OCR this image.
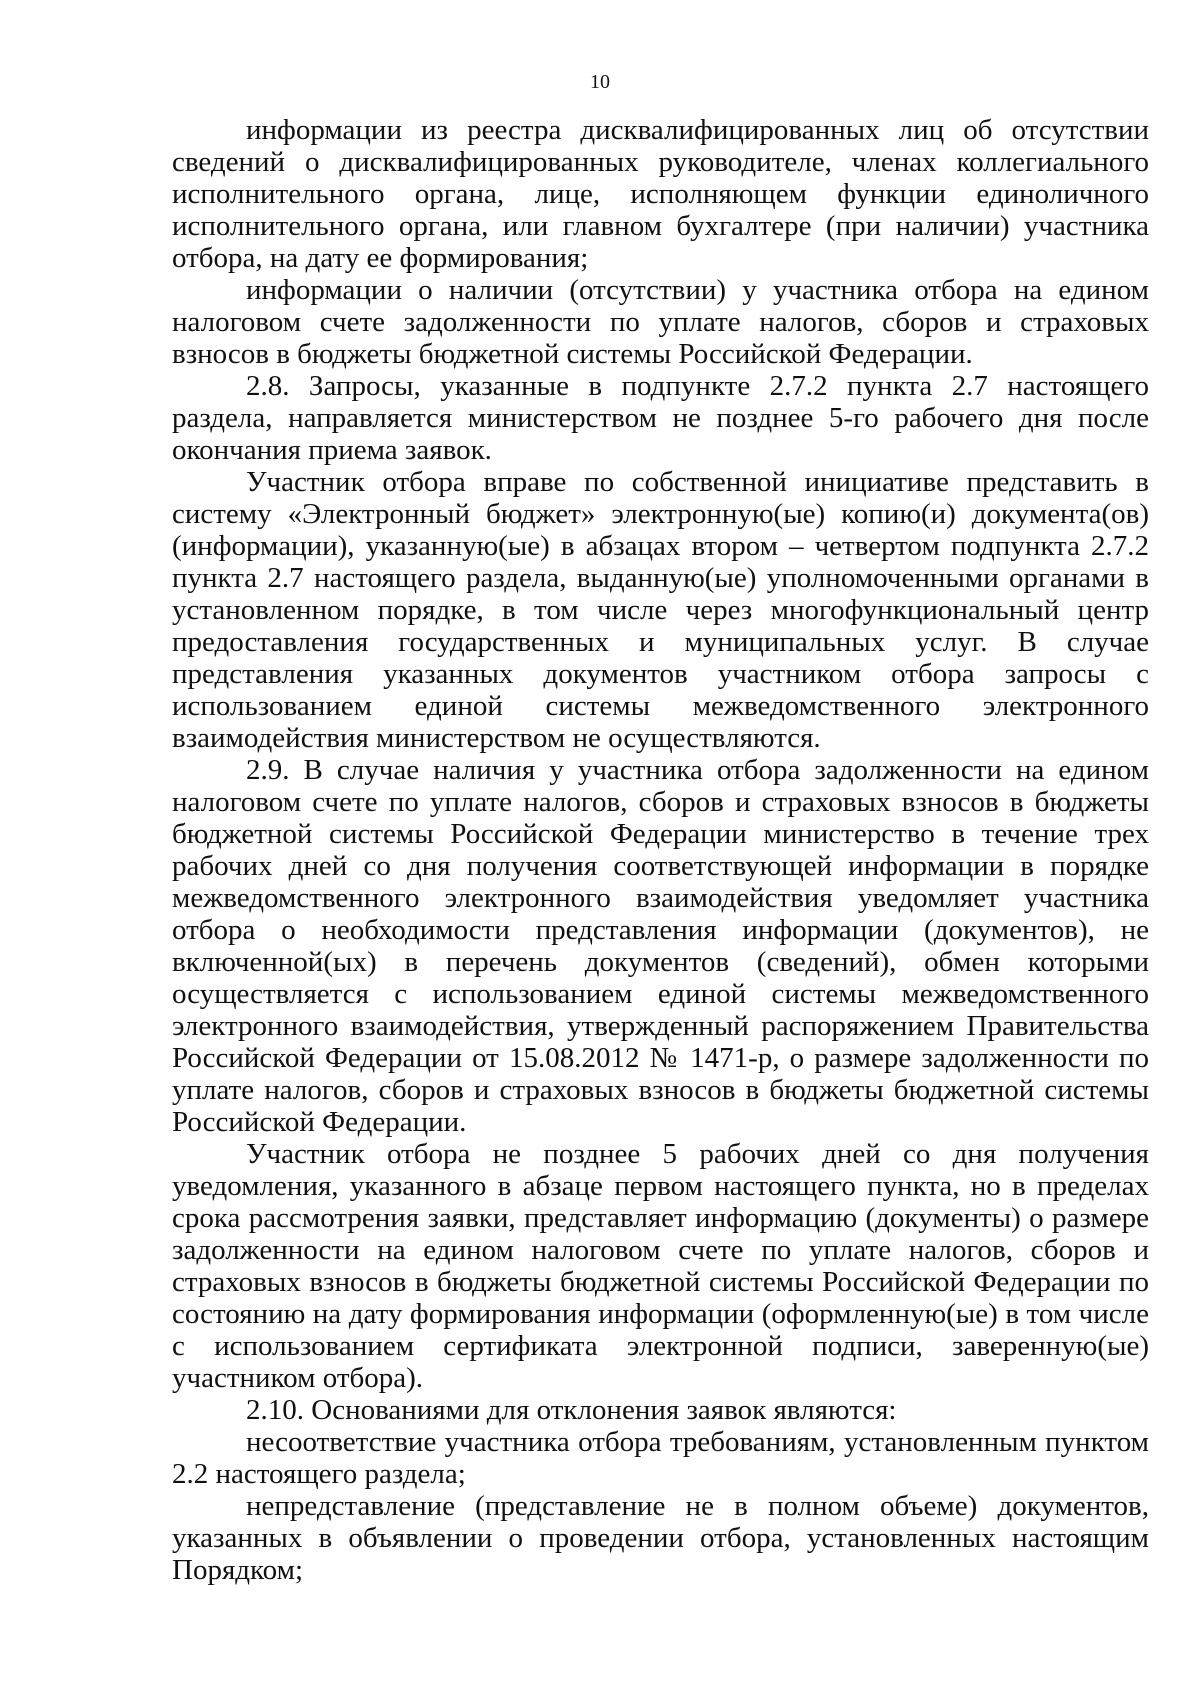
10

информации из реестра дисквалифицированных лиц об отсутствии сведений о дисквалифицированных руководителе, членах коллегиального исполнительного органа, лице, исполняющем функции единоличного исполнительного органа, или главном бухгалтере (при наличии) участника отбора, на дату ее формирования;

информации о наличии (отсутствии) у участника отбора на едином налоговом счете задолженности по уплате налогов, сборов и страховых взносов в бюджеты бюджетной системы Российской Федерации.

2.8. Запросы, указанные в подпункте 2.7.2 пункта 2.7 настоящего раздела, направляется министерством не позднее 5-го рабочего дня после окончания приема заявок.

Участник отбора вправе по собственной инициативе представить в систему «Электронный бюджет» электронную(ые) копию(и) документа(ов) (информации), указанную(ые) в абзацах втором – четвертом подпункта 2.7.2 пункта 2.7 настоящего раздела, выданную(ые) уполномоченными органами в установленном порядке, в том числе через многофункциональный центр предоставления государственных и муниципальных услуг. В случае представления указанных документов участником отбора запросы с использованием единой системы межведомственного электронного взаимодействия министерством не осуществляются.

2.9. В случае наличия у участника отбора задолженности на едином налоговом счете по уплате налогов, сборов и страховых взносов в бюджеты бюджетной системы Российской Федерации министерство в течение трех рабочих дней со дня получения соответствующей информации в порядке межведомственного электронного взаимодействия уведомляет участника отбора о необходимости представления информации (документов), не включенной(ых) в перечень документов (сведений), обмен которыми осуществляется с использованием единой системы межведомственного электронного взаимодействия, утвержденный распоряжением Правительства Российской Федерации от 15.08.2012 № 1471-р, о размере задолженности по уплате налогов, сборов и страховых взносов в бюджеты бюджетной системы Российской Федерации.

Участник отбора не позднее 5 рабочих дней со дня получения уведомления, указанного в абзаце первом настоящего пункта, но в пределах срока рассмотрения заявки, представляет информацию (документы) о размере задолженности на едином налоговом счете по уплате налогов, сборов и страховых взносов в бюджеты бюджетной системы Российской Федерации по состоянию на дату формирования информации (оформленную(ые) в том числе с использованием сертификата электронной подписи, заверенную(ые) участником отбора).

2.10. Основаниями для отклонения заявок являются:

несоответствие участника отбора требованиям, установленным пунктом 2.2 настоящего раздела;

непредставление (представление не в полном объеме) документов, указанных в объявлении о проведении отбора, установленных настоящим Порядком;
